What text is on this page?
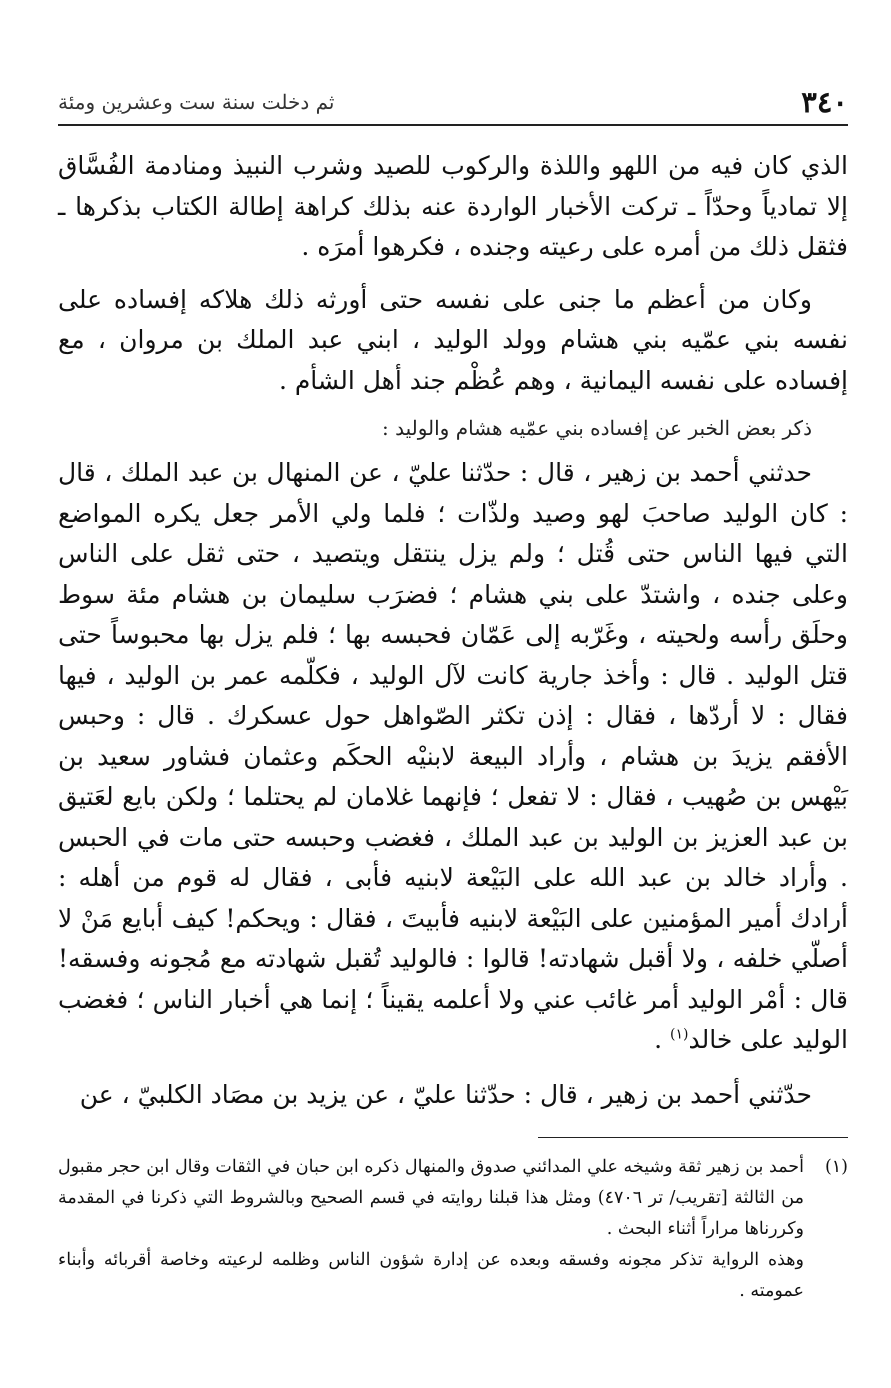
٣٤٠
ثم دخلت سنة ست وعشرين ومئة

الذي كان فيه من اللهو واللذة والركوب للصيد وشرب النبيذ ومنادمة الفُسَّاق إلا تمادياً وحدّاً ـ تركت الأخبار الواردة عنه بذلك كراهة إطالة الكتاب بذكرها ـ فثقل ذلك من أمره على رعيته وجنده ، فكرهوا أمرَه .

وكان من أعظم ما جنى على نفسه حتى أورثه ذلك هلاكه إفساده على نفسه بني عمّيه بني هشام وولد الوليد ، ابني عبد الملك بن مروان ، مع إفساده على نفسه اليمانية ، وهم عُظْم جند أهل الشأم .

ذكر بعض الخبر عن إفساده بني عمّيه هشام والوليد :

حدثني أحمد بن زهير ، قال : حدّثنا عليّ ، عن المنهال بن عبد الملك ، قال : كان الوليد صاحبَ لهو وصيد ولذّات ؛ فلما ولي الأمر جعل يكره المواضع التي فيها الناس حتى قُتل ؛ ولم يزل ينتقل ويتصيد ، حتى ثقل على الناس وعلى جنده ، واشتدّ على بني هشام ؛ فضرَب سليمان بن هشام مئة سوط وحلَق رأسه ولحيته ، وغَرّبه إلى عَمّان فحبسه بها ؛ فلم يزل بها محبوساً حتى قتل الوليد . قال : وأخذ جارية كانت لآل الوليد ، فكلّمه عمر بن الوليد ، فيها فقال : لا أردّها ، فقال : إذن تكثر الصّواهل حول عسكرك . قال : وحبس الأفقم يزيدَ بن هشام ، وأراد البيعة لابنيْه الحكَم وعثمان فشاور سعيد بن بَيْهس بن صُهيب ، فقال : لا تفعل ؛ فإنهما غلامان لم يحتلما ؛ ولكن بايع لعَتيق بن عبد العزيز بن الوليد بن عبد الملك ، فغضب وحبسه حتى مات في الحبس . وأراد خالد بن عبد الله على البَيْعة لابنيه فأبى ، فقال له قوم من أهله : أرادك أمير المؤمنين على البَيْعة لابنيه فأبيتَ ، فقال : ويحكم! كيف أبايع مَنْ لا أصلّي خلفه ، ولا أقبل شهادته! قالوا : فالوليد تُقبل شهادته مع مُجونه وفسقه! قال : أمْر الوليد أمر غائب عني ولا أعلمه يقيناً ؛ إنما هي أخبار الناس ؛ فغضب الوليد على خالد$^{(١)}$ .

حدّثني أحمد بن زهير ، قال : حدّثنا عليّ ، عن يزيد بن مصَاد الكلبيّ ، عن

(١)

أحمد بن زهير ثقة وشيخه علي المدائني صدوق والمنهال ذكره ابن حبان في الثقات وقال ابن حجر مقبول من الثالثة [تقريب/ تر ٤٧٠٦) ومثل هذا قبلنا روايته في قسم الصحيح وبالشروط التي ذكرنا في المقدمة وكررناها مراراً أثناء البحث .

وهذه الرواية تذكر مجونه وفسقه وبعده عن إدارة شؤون الناس وظلمه لرعيته وخاصة أقربائه وأبناء عمومته .
